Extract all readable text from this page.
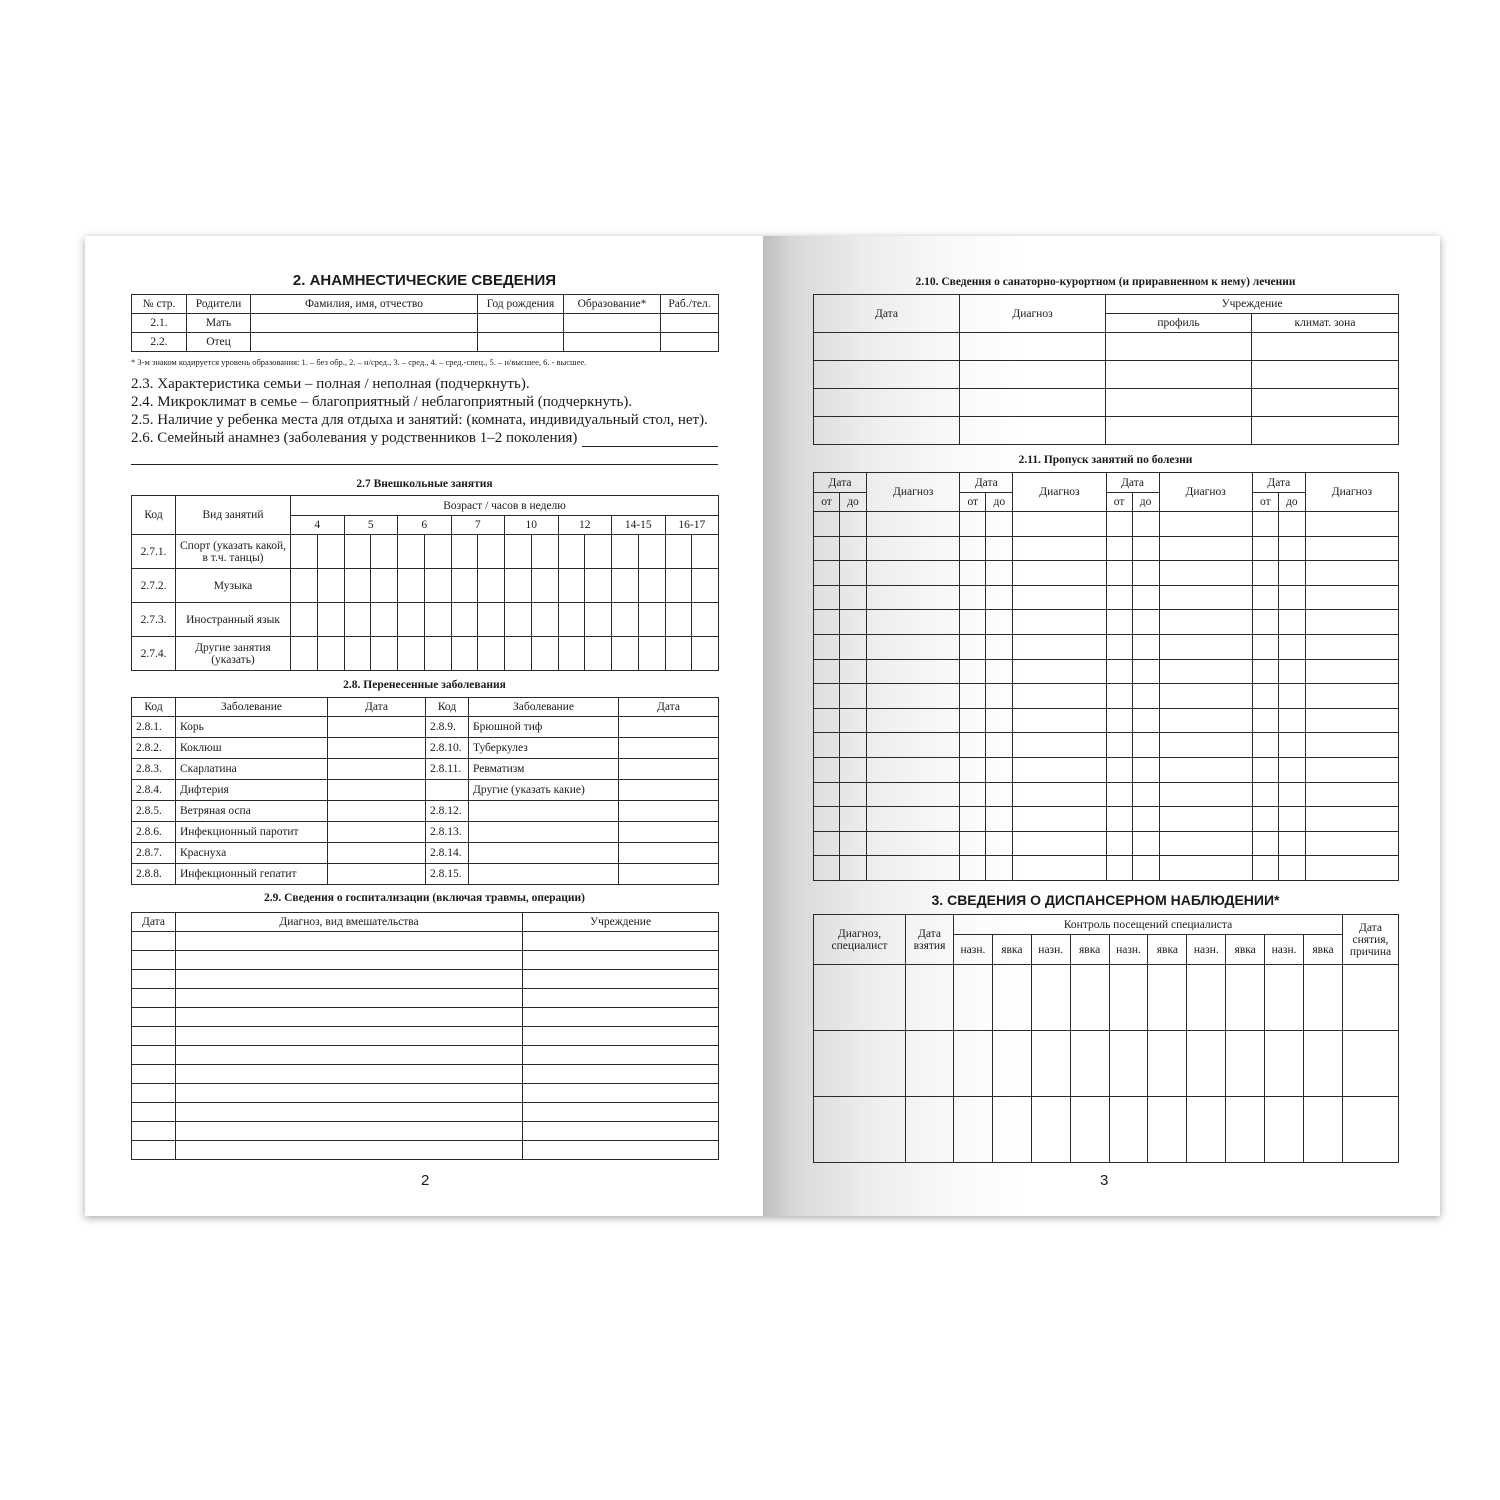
2. АНАМНЕСТИЧЕСКИЕ СВЕДЕНИЯ
№ стр.	Родители	Фамилия, имя, отчество	Год рождения	Образование*	Раб./тел.
2.1.	Мать				
2.2.	Отец				
* 3-м знаком кодируется уровень образования: 1. – без обр., 2. – н/сред., 3. – сред., 4. – сред.-спец., 5. – н/высшее, 6. - высшее.
2.3. Характеристика семьи – полная / неполная (подчеркнуть).
2.4. Микроклимат в семье – благоприятный / неблагоприятный (подчеркнуть).
2.5. Наличие у ребенка места для отдыха и занятий: (комната, индивидуальный стол, нет).
2.6. Семейный анамнез (заболевания у родственников 1–2 поколения)
2.7 Внешкольные занятия
Код	Вид занятий	Возраст / часов в неделю															
		4		5		6		7		10		12		14-15		16-17	
2.7.1.	Спорт (указать какой, в т.ч. танцы)																
2.7.2.	Музыка																
2.7.3.	Иностранный язык																
2.7.4.	Другие занятия (указать)																
2.8. Перенесенные заболевания
Код	Заболевание	Дата	Код	Заболевание	Дата
2.8.1.	Корь		2.8.9.	Брюшной тиф	
2.8.2.	Коклюш		2.8.10.	Туберкулез	
2.8.3.	Скарлатина		2.8.11.	Ревматизм	
2.8.4.	Дифтерия			Другие (указать какие)	
2.8.5.	Ветряная оспа		2.8.12.		
2.8.6.	Инфекционный паротит		2.8.13.		
2.8.7.	Краснуха		2.8.14.		
2.8.8.	Инфекционный гепатит		2.8.15.		
2.9. Сведения о госпитализации (включая травмы, операции)
Дата	Диагноз, вид вмешательства	Учреждение

2
2.10. Сведения о санаторно-курортном (и приравненном к нему) лечении
Дата	Диагноз	Учреждение	
		профиль	климат. зона

2.11. Пропуск занятий по болезни
Дата		Диагноз	Дата		Диагноз	Дата		Диагноз	Дата		Диагноз
от	до		от	до		от	до		от	до	

3. СВЕДЕНИЯ О ДИСПАНСЕРНОМ НАБЛЮДЕНИИ*
Диагноз, специалист	Дата взятия	Контроль посещений специалиста										Дата снятия, причина
		назн.	явка	назн.	явка	назн.	явка	назн.	явка	назн.	явка	

3
